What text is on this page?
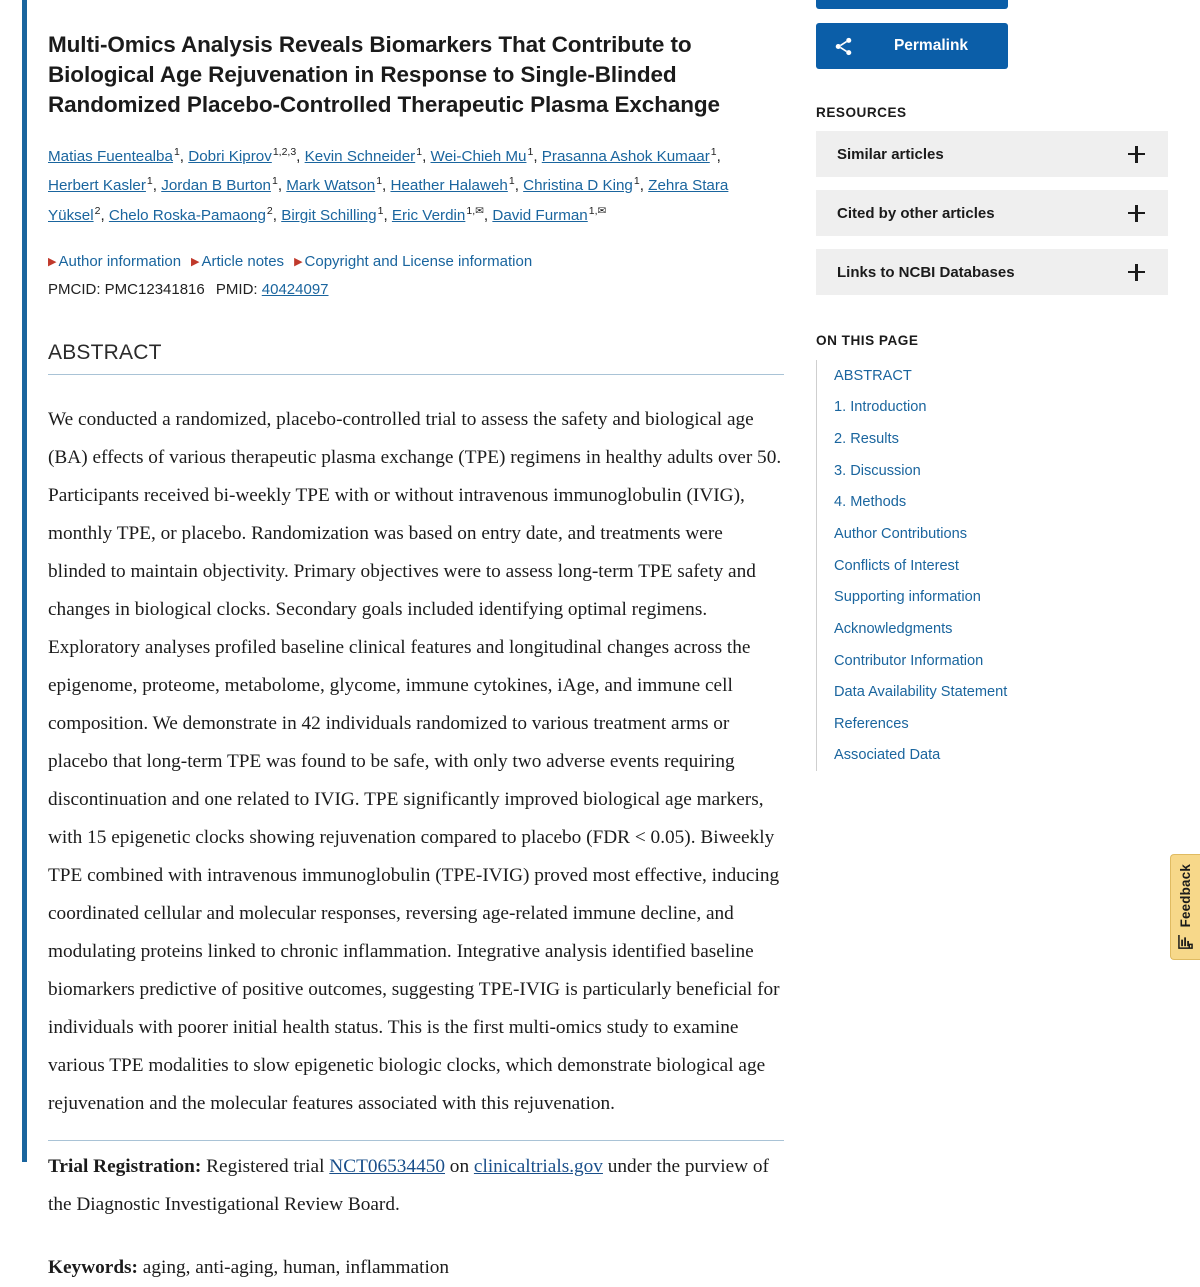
Multi-Omics Analysis Reveals Biomarkers That Contribute to Biological Age Rejuvenation in Response to Single-Blinded Randomized Placebo-Controlled Therapeutic Plasma Exchange
Matias Fuentealba$^1$, Dobri Kiprov$^{1,2,3}$, Kevin Schneider$^1$, Wei-Chieh Mu$^1$, Prasanna Ashok Kumaar$^1$, Herbert Kasler$^1$, Jordan B Burton$^1$, Mark Watson$^1$, Heather Halaweh$^1$, Christina D King$^1$, Zehra Stara Yüksel$^2$, Chelo Roska-Pamaong$^2$, Birgit Schilling$^1$, Eric Verdin$^{1,✉}$, David Furman$^{1,✉}$
▶ Author information ▶ Article notes ▶ Copyright and License information
PMCID: PMC12341816 PMID: 40424097
ABSTRACT

We conducted a randomized, placebo-controlled trial to assess the safety and biological age (BA) effects of various therapeutic plasma exchange (TPE) regimens in healthy adults over 50. Participants received bi-weekly TPE with or without intravenous immunoglobulin (IVIG), monthly TPE, or placebo. Randomization was based on entry date, and treatments were blinded to maintain objectivity. Primary objectives were to assess long-term TPE safety and changes in biological clocks. Secondary goals included identifying optimal regimens. Exploratory analyses profiled baseline clinical features and longitudinal changes across the epigenome, proteome, metabolome, glycome, immune cytokines, iAge, and immune cell composition. We demonstrate in 42 individuals randomized to various treatment arms or placebo that long-term TPE was found to be safe, with only two adverse events requiring discontinuation and one related to IVIG. TPE significantly improved biological age markers, with 15 epigenetic clocks showing rejuvenation compared to placebo (FDR < 0.05). Biweekly TPE combined with intravenous immunoglobulin (TPE-IVIG) proved most effective, inducing coordinated cellular and molecular responses, reversing age-related immune decline, and modulating proteins linked to chronic inflammation. Integrative analysis identified baseline biomarkers predictive of positive outcomes, suggesting TPE-IVIG is particularly beneficial for individuals with poorer initial health status. This is the first multi-omics study to examine various TPE modalities to slow epigenetic biologic clocks, which demonstrate biological age rejuvenation and the molecular features associated with this rejuvenation.

Trial Registration: Registered trial NCT06534450 on clinicaltrials.gov under the purview of the Diagnostic Investigational Review Board.

Keywords: aging, anti-aging, human, inflammation

Permalink
RESOURCES
Similar articles
Cited by other articles
Links to NCBI Databases
ON THIS PAGE
ABSTRACT
1. Introduction
2. Results
3. Discussion
4. Methods
Author Contributions
Conflicts of Interest
Supporting information
Acknowledgments
Contributor Information
Data Availability Statement
References
Associated Data
Feedback
